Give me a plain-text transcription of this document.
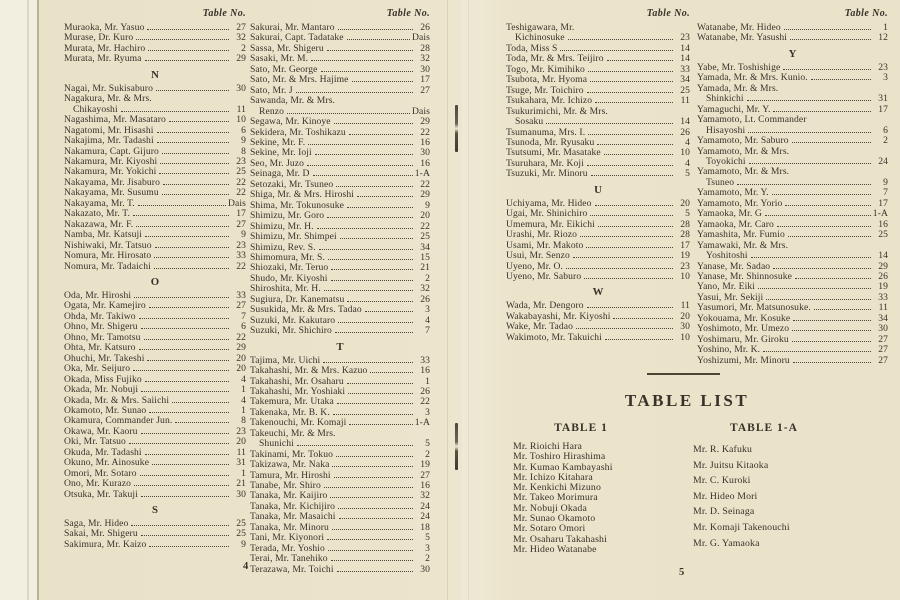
Table No.
Muraoka, Mr. Yasuo	27
Murase, Dr. Kuro	32
Murata, Mr. Hachiro	2
Murata, Mr. Ryuma	29
N
Nagai, Mr. Sukisaburo	30
Nagakura, Mr. & Mrs.
Chikayoshi	11
Nagashima, Mr. Masataro	10
Nagatomi, Mr. Hisashi	6
Nakajima, Mr. Tadashi	9
Nakamura, Capt. Gijuro	8
Nakamura, Mr. Kiyoshi	23
Nakamura, Mr. Yokichi	25
Nakayama, Mr. Jisaburo	22
Nakayama, Mr. Susumu	22
Nakayama, Mr. T.	Dais
Nakazato, Mr. T.	17
Nakazawa, Mr. F.	27
Namba, Mr. Katsuji	9
Nishiwaki, Mr. Tatsuo	23
Nomura, Mr. Hirosato	33
Nomura, Mr. Tadaichi	22
O
Oda, Mr. Hiroshi	33
Ogata, Mr. Kamejiro	27
Ohda, Mr. Takiwo	7
Ohno, Mr. Shigeru	6
Ohno, Mr. Tamotsu	22
Ohta, Mr. Katsuro	29
Ohuchi, Mr. Takeshi	20
Oka, Mr. Seijuro	20
Okada, Miss Fujiko	4
Okada, Mr. Nobuji	1
Okada, Mr. & Mrs. Saiichi	4
Okamoto, Mr. Sunao	1
Okamura, Commander Jun.	8
Okawa, Mr. Kaoru	23
Oki, Mr. Tatsuo	20
Okuda, Mr. Tadashi	11
Okuno, Mr. Ainosuke	31
Omori, Mr. Sotaro	1
Ono, Mr. Kurazo	21
Otsuka, Mr. Takuji	30
S
Saga, Mr. Hideo	25
Sakai, Mr. Shigeru	25
Sakimura, Mr. Kaizo	9
Table No.
Sakurai, Mr. Mantaro	26
Sakurai, Capt. Tadatake	Dais
Sassa, Mr. Shigeru	28
Sasaki, Mr. M.	32
Sato, Mr. George	30
Sato, Mr. & Mrs. Hajime	17
Sato, Mr. J	27
Sawanda, Mr. & Mrs.
Renzo	Dais
Segawa, Mr. Kinoye	29
Sekidera, Mr. Toshikazu	22
Sekine, Mr. F.	16
Sekine, Mr. Ioji	30
Seo, Mr. Juzo	16
Seinaga, Mr. D	1-A
Setozaki, Mr. Tsuneo	22
Shiga, Mr. & Mrs. Hiroshi	29
Shima, Mr. Tokunosuke	9
Shimizu, Mr. Goro	20
Shimizu, Mr. H.	22
Shimizu, Mr. Shimpei	25
Shimizu, Rev. S.	34
Shimomura, Mr. S.	15
Shiozaki, Mr. Teruo	21
Shudo, Mr. Kiyoshi	2
Shiroshita, Mr. H.	32
Sugiura, Dr. Kanematsu	26
Susukida, Mr. & Mrs. Tadao	3
Suzuki, Mr. Kakutaro	4
Suzuki, Mr. Shichiro	7
T
Tajima, Mr. Uichi	33
Takahashi, Mr. & Mrs. Kazuo	16
Takahashi, Mr. Osaharu	1
Takahashi, Mr. Yoshiaki	26
Takemura, Mr. Utaka	22
Takenaka, Mr. B. K.	3
Takenouchi, Mr. Komaji	1-A
Takeuchi, Mr. & Mrs.
Shunichi	5
Takinami, Mr. Tokuo	2
Takizawa, Mr. Naka	19
Tamura, Mr. Hiroshi	27
Tanabe, Mr. Shiro	16
Tanaka, Mr. Kaijiro	32
Tanaka, Mr. Kichijiro	24
Tanaka, Mr. Masaichi	24
Tanaka, Mr. Minoru	18
Tani, Mr. Kiyonori	5
Terada, Mr. Yoshio	3
Terai, Mr. Tanehiko	2
Terazawa, Mr. Toichi	30
Table No.
Teshigawara, Mr.
Kichinosuke	23
Toda, Miss S	14
Toda, Mr. & Mrs. Teijiro	14
Togo, Mr. Kimihiko	33
Tsubota, Mr. Hyoma	34
Tsuge, Mr. Toichiro	25
Tsukahara, Mr. Ichizo	11
Tsukurimichi, Mr. & Mrs.
Sosaku	14
Tsumanuma, Mrs. I.	26
Tsunoda, Mr. Ryusaku	4
Tsutsumi, Mr. Masatake	10
Tsuruhara, Mr. Koji	4
Tsuzuki, Mr. Minoru	5
U
Uchiyama, Mr. Hideo	20
Ugai, Mr. Shinichiro	5
Umemura, Mr. Eikichi	28
Urashi, Mr. Riozo	28
Usami, Mr. Makoto	17
Usui, Mr. Senzo	19
Uyeno, Mr. O.	23
Uyeno, Mr. Saburo	10
W
Wada, Mr. Dengoro	11
Wakabayashi, Mr. Kiyoshi	20
Wake, Mr. Tadao	30
Wakimoto, Mr. Takuichi	10
Table No.
Watanabe, Mr. Hideo	1
Watanabe, Mr. Yasushi	12
Y
Yabe, Mr. Toshishige	23
Yamada, Mr. & Mrs. Kunio.	3
Yamada, Mr. & Mrs.
Shinkichi	31
Yamaguchi, Mr. Y.	17
Yamamoto, Lt. Commander
Hisayoshi	6
Yamamoto, Mr. Saburo	2
Yamamoto, Mr. & Mrs.
Toyokichi	24
Yamamoto, Mr. & Mrs.
Tsuneo	9
Yamamoto, Mr. Y.	7
Yamamoto, Mr. Yorio	17
Yamaoka, Mr. G	1-A
Yamaoka, Mr. Caro	16
Yamashita, Mr. Fumio	25
Yamawaki, Mr. & Mrs.
Yoshitoshi	14
Yanase, Mr. Sadao	29
Yanase, Mr. Shinnosuke	26
Yano, Mr. Eiki	19
Yasui, Mr. Sekiji	33
Yasumori, Mr. Matsunosuke.	11
Yokouama, Mr. Kosuke	34
Yoshimoto, Mr. Umezo	30
Yoshimaru, Mr. Giroku	27
Yoshino, Mr. K.	27
Yoshizumi, Mr. Minoru	27
TABLE LIST
TABLE 1
Mr. Rioichi Hara
Mr. Toshiro Hirashima
Mr. Kumao Kambayashi
Mr. Ichizo Kitahara
Mr. Kenkichi Mizuno
Mr. Takeo Morimura
Mr. Nobuji Okada
Mr. Sunao Okamoto
Mr. Sotaro Omori
Mr. Osaharu Takahashi
Mr. Hideo Watanabe
TABLE 1-A
Mr. R. Kafuku
Mr. Juitsu Kitaoka
Mr. C. Kuroki
Mr. Hideo Mori
Mr. D. Seinaga
Mr. Komaji Takenouchi
Mr. G. Yamaoka
4
5
